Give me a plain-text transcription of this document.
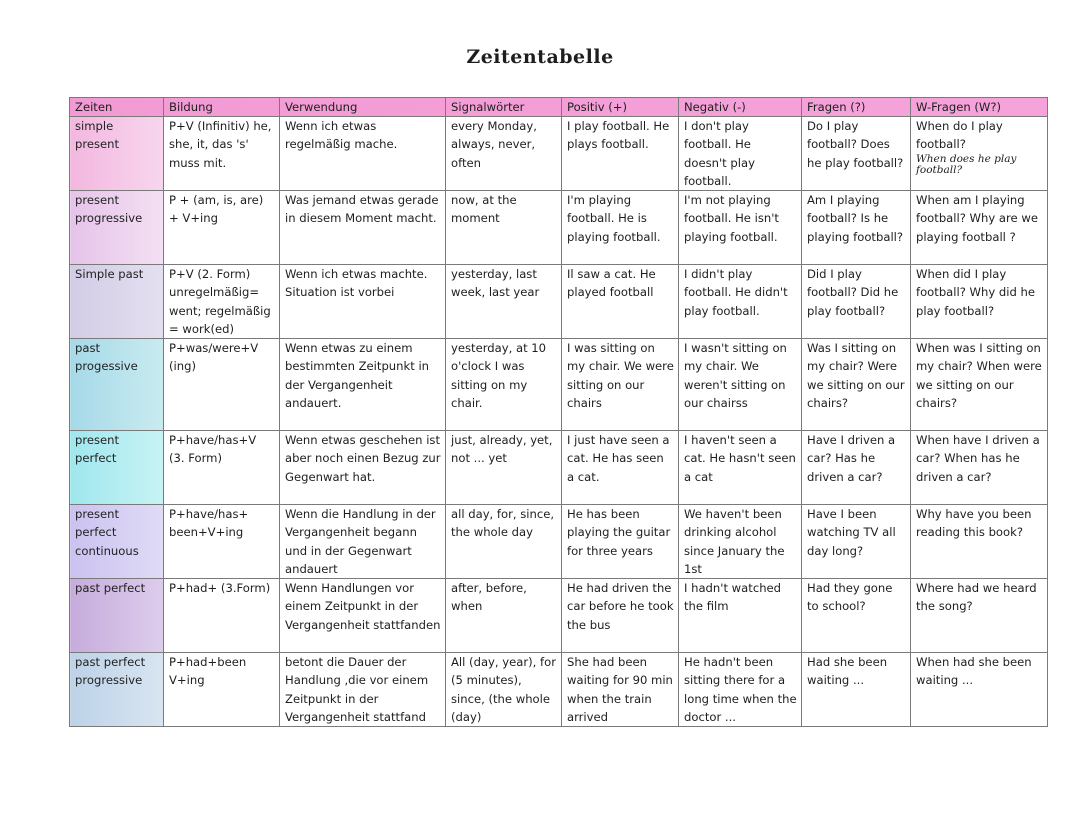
Zeitentabelle
Zeiten	Bildung	Verwendung	Signalwörter	Positiv (+)	Negativ (-)	Fragen (?)	W-Fragen (W?)
simple present	P+V (Infinitiv) he, she, it, das 's' muss mit.	Wenn ich etwas regelmäßig mache.	every Monday, always, never, often	I play football. He plays football.	I don't play football. He doesn't play football.	Do I play football? Does he play football?	When do I play football?
When does he play football?

present progressive	P + (am, is, are) + V+ing	Was jemand etwas gerade in diesem Moment macht.	now, at the moment	I'm playing football. He is playing football.	I'm not playing football. He isn't playing football.	Am I playing football? Is he playing football?	When am I playing football? Why are we playing football ?
Simple past	P+V (2. Form) unregelmäßig= went; regelmäßig = work(ed)	Wenn ich etwas machte. Situation ist vorbei	yesterday, last week, last year	Il saw a cat. He played football	I didn't play football. He didn't play football.	Did I play football? Did he play football?	When did I play football? Why did he play football?
past progessive	P+was/were+V (ing)	Wenn etwas zu einem bestimmten Zeitpunkt in der Vergangenheit andauert.	yesterday, at 10 o'clock I was sitting on my chair.	I was sitting on my chair. We were sitting on our chairs	I wasn't sitting on my chair. We weren't sitting on our chairss	Was I sitting on my chair? Were we sitting on our chairs?	When was I sitting on my chair? When were we sitting on our chairs?
present perfect	P+have/has+V (3. Form)	Wenn etwas geschehen ist aber noch einen Bezug zur Gegenwart hat.	just, already, yet, not ... yet	I just have seen a cat. He has seen a cat.	I haven't seen a cat. He hasn't seen a cat	Have I driven a car? Has he driven a car?	When have I driven a car? When has he driven a car?
present perfect continuous	P+have/has+ been+V+ing	Wenn die Handlung in der Vergangenheit begann und in der Gegenwart andauert	all day, for, since, the whole day	He has been playing the guitar for three years	We haven't been drinking alcohol since January the 1st	Have I been watching TV all day long?	Why have you been reading this book?
past perfect	P+had+ (3.Form)	Wenn Handlungen vor einem Zeitpunkt in der Vergangenheit stattfanden	after, before, when	He had driven the car before he took the bus	I hadn't watched the film	Had they gone to school?	Where had we heard the song?
past perfect progressive	P+had+been V+ing	betont die Dauer der Handlung ,die vor einem Zeitpunkt in der Vergangenheit stattfand	All (day, year), for (5 minutes), since, (the whole (day)	She had been waiting for 90 min when the train arrived	He hadn't been sitting there for a long time when the doctor ...	Had she been waiting ...	When had she been waiting ...
